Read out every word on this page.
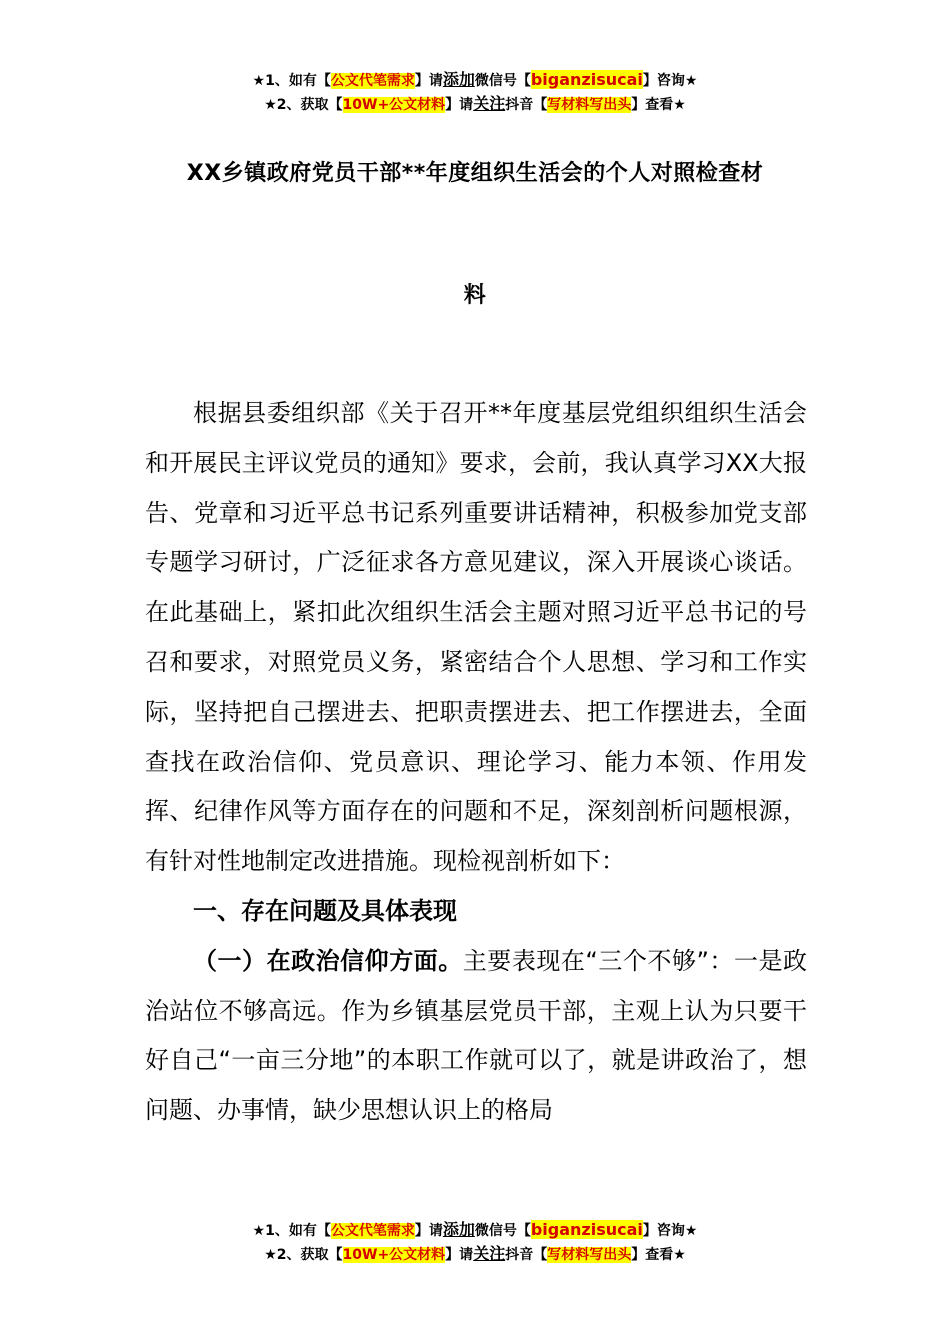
★1、如有【公文代笔需求】请添加微信号【biganzisucai】咨询★
★2、获取【10W+公文材料】请关注抖音【写材料写出头】查看★
XX乡镇政府党员干部**年度组织生活会的个人对照检查材
料

根据县委组织部《关于召开**年度基层党组织组织生活会和开展民主评议党员的通知》要求，会前，我认真学习XX大报告、党章和习近平总书记系列重要讲话精神，积极参加党支部专题学习研讨，广泛征求各方意见建议，深入开展谈心谈话。在此基础上，紧扣此次组织生活会主题对照习近平总书记的号召和要求，对照党员义务，紧密结合个人思想、学习和工作实际，坚持把自己摆进去、把职责摆进去、把工作摆进去，全面查找在政治信仰、党员意识、理论学习、能力本领、作用发挥、纪律作风等方面存在的问题和不足，深刻剖析问题根源，有针对性地制定改进措施。现检视剖析如下：

一、存在问题及具体表现

（一）在政治信仰方面。主要表现在“三个不够”：一是政治站位不够高远。作为乡镇基层党员干部，主观上认为只要干好自己“一亩三分地”的本职工作就可以了，就是讲政治了，想问题、办事情，缺少思想认识上的格局

★1、如有【公文代笔需求】请添加微信号【biganzisucai】咨询★
★2、获取【10W+公文材料】请关注抖音【写材料写出头】查看★
